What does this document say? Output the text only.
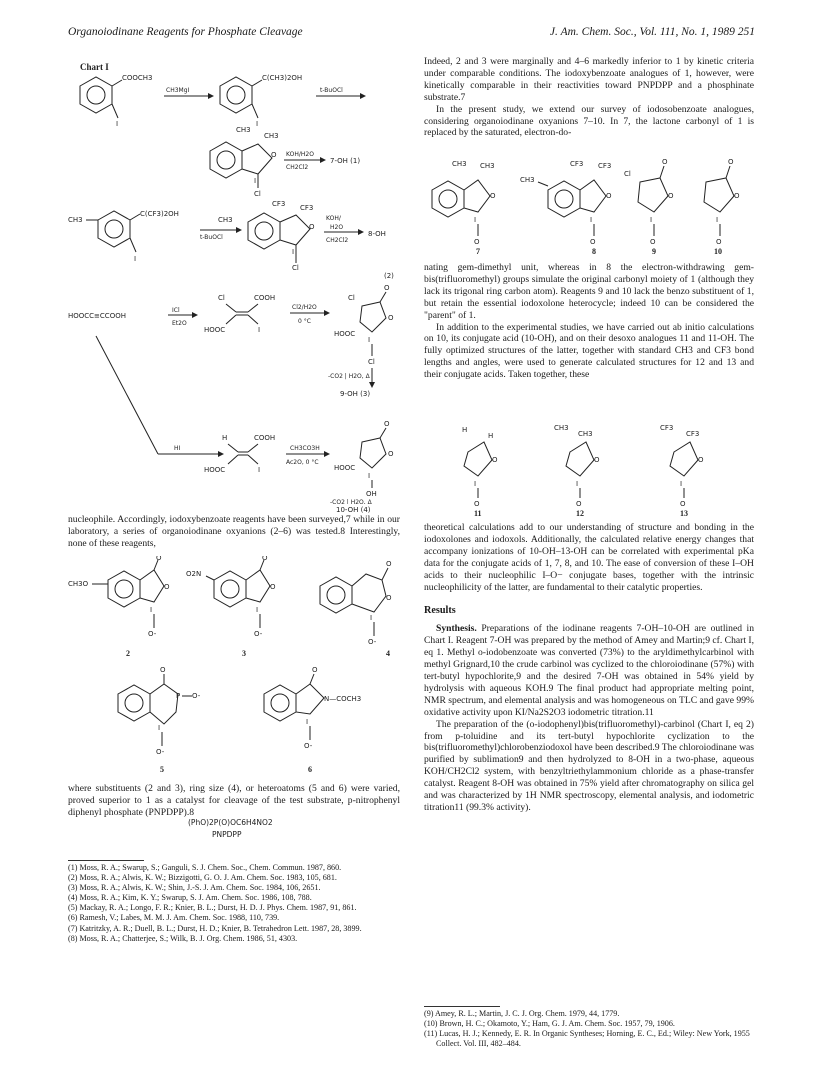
Organoiodinane Reagents for Phosphate Cleavage	J. Am. Chem. Soc., Vol. 111, No. 1, 1989 251
Chart I
COOCH3
I
CH3MgI
C(CH3)2OH
I
t-BuOCl
CH3
CH3
O
I
Cl
KOH/H2O
CH2Cl2
7-OH (1)
CH3
C(CF3)2OH
I
CH3
t-BuOCl
CF3 CF3
O
I
Cl
KOH/
H2O
CH2Cl2
8-OH
(2)
HOOCC≡CCOOH
ICl
Et2O
Cl	COOH
HOOC	I
Cl2/H2O
0 °C
Cl
O
O
HOOC
I
Cl
-CO2 | H2O, Δ
9-OH (3)
HI
H	COOH
HOOC	I
CH3CO3H
Ac2O, 0 °C
O
O
HOOC
I
OH
-CO2 | H2O, Δ
10-OH (4)

nucleophile. Accordingly, iodoxybenzoate reagents have been surveyed,7 while in our laboratory, a series of organoiodinane oxyanions (2–6) was tested.8 Interestingly, none of these reagents,

CH3O
O
O
I
O-
2
O2N
O
O
I
O-
3
O
O
I
O-
4
O
P O-
I
O-
5
O
N—COCH3
I
O-
6

where substituents (2 and 3), ring size (4), or heteroatoms (5 and 6) were varied, proved superior to 1 as a catalyst for cleavage of the test substrate, p-nitrophenyl diphenyl phosphate (PNPDPP).8

(PhO)2P(O)OC6H4NO2
PNPDPP
(1) Moss, R. A.; Swarup, S.; Ganguli, S. J. Chem. Soc., Chem. Commun. 1987, 860.
(2) Moss, R. A.; Alwis, K. W.; Bizzigotti, G. O. J. Am. Chem. Soc. 1983, 105, 681.
(3) Moss, R. A.; Alwis, K. W.; Shin, J.-S. J. Am. Chem. Soc. 1984, 106, 2651.
(4) Moss, R. A.; Kim, K. Y.; Swarup, S. J. Am. Chem. Soc. 1986, 108, 788.
(5) Mackay, R. A.; Longo, F. R.; Knier, B. L.; Durst, H. D. J. Phys. Chem. 1987, 91, 861.
(6) Ramesh, V.; Labes, M. M. J. Am. Chem. Soc. 1988, 110, 739.
(7) Katritzky, A. R.; Duell, B. L.; Durst, H. D.; Knier, B. Tetrahedron Lett. 1987, 28, 3899.
(8) Moss, R. A.; Chatterjee, S.; Wilk, B. J. Org. Chem. 1986, 51, 4303.

Indeed, 2 and 3 were marginally and 4–6 markedly inferior to 1 by kinetic criteria under comparable conditions. The iodoxybenzoate analogues of 1, however, were kinetically comparable in their reactivities toward PNPDPP and a phosphinate substrate.7

In the present study, we extend our survey of iodosobenzoate analogues, considering organoiodinane oxyanions 7–10. In 7, the lactone carbonyl of 1 is replaced by the saturated, electron-do-

CH3 CH3
O
I
O
7
CH3
CF3 CF3
O
I
O
8
Cl
O
O
I
O
9
O
O
I
O
10

nating gem-dimethyl unit, whereas in 8 the electron-withdrawing gem-bis(trifluoromethyl) groups simulate the original carbonyl moiety of 1 (although they lack its trigonal ring carbon atom). Reagents 9 and 10 lack the benzo substituent of 1, but retain the essential iodoxolone heterocycle; indeed 10 can be considered the "parent" of 1.

In addition to the experimental studies, we have carried out ab initio calculations on 10, its conjugate acid (10-OH), and on their desoxo analogues 11 and 11-OH. The fully optimized structures of the latter, together with standard CH3 and CF3 bond lengths and angles, were used to generate calculated structures for 12 and 13 and their conjugate acids. Taken together, these

H
H
O
I
O
11
CH3
CH3
O
I
O
12
CF3
CF3
O
I
O
13

theoretical calculations add to our understanding of structure and bonding in the iodoxolones and iodoxols. Additionally, the calculated relative energy changes that accompany ionizations of 10-OH–13-OH can be correlated with experimental pKa data for the conjugate acids of 1, 7, 8, and 10. The ease of conversion of these I–OH acids to their nucleophilic I–O− conjugate bases, together with the intrinsic nucleophilicity of the latter, are fundamental to their catalytic properties.

Results

Synthesis. Preparations of the iodinane reagents 7-OH–10-OH are outlined in Chart I. Reagent 7-OH was prepared by the method of Amey and Martin;9 cf. Chart I, eq 1. Methyl o-iodobenzoate was converted (73%) to the aryldimethylcarbinol with methyl Grignard,10 the crude carbinol was cyclized to the chloroiodinane (57%) with tert-butyl hypochlorite,9 and the desired 7-OH was obtained in 54% yield by hydrolysis with aqueous KOH.9 The final product had appropriate melting point, NMR spectrum, and elemental analysis and was homogeneous on TLC and gave 99% oxidative activity upon KI/Na2S2O3 iodometric titration.11

The preparation of the (o-iodophenyl)bis(trifluoromethyl)-carbinol (Chart I, eq 2) from p-toluidine and its tert-butyl hypochlorite cyclization to the bis(trifluoromethyl)chlorobenziodoxol have been described.9 The chloroiodinane was purified by sublimation9 and then hydrolyzed to 8-OH in a two-phase, aqueous KOH/CH2Cl2 system, with benzyltriethylammonium chloride as a phase-transfer catalyst. Reagent 8-OH was obtained in 75% yield after chromatography on silica gel and was characterized by 1H NMR spectroscopy, elemental analysis, and iodometric titration11 (99.3% activity).

(9) Amey, R. L.; Martin, J. C. J. Org. Chem. 1979, 44, 1779.
(10) Brown, H. C.; Okamoto, Y.; Ham, G. J. Am. Chem. Soc. 1957, 79, 1906.
(11) Lucas, H. J.; Kennedy, E. R. In Organic Syntheses; Horning, E. C., Ed.; Wiley: New York, 1955 Collect. Vol. III, 482–484.
